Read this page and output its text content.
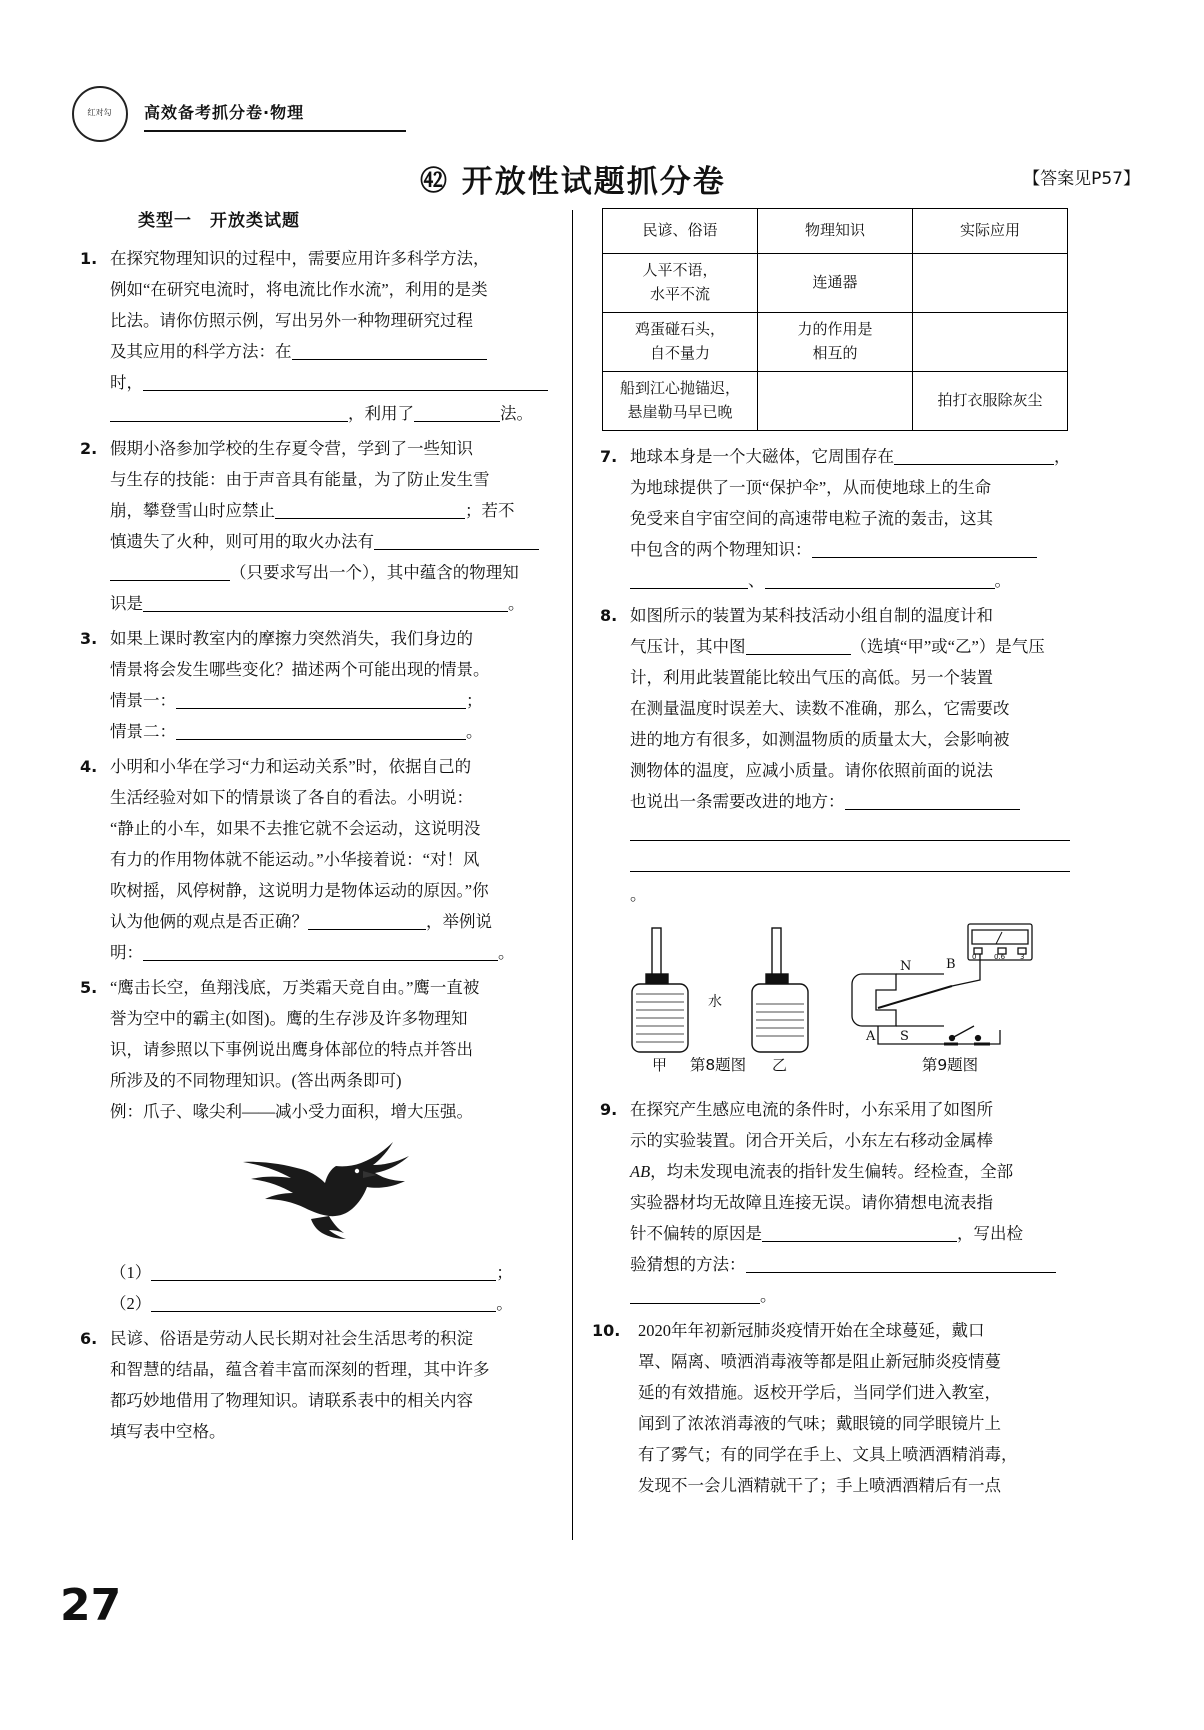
红对勾 高效备考抓分卷·物理
㊷ 开放性试题抓分卷	【答案见P57】
类型一　开放类试题
1. 在探究物理知识的过程中，需要应用许多科学方法，
例如“在研究电流时，将电流比作水流”，利用的是类
比法。请你仿照示例，写出另外一种物理研究过程
及其应用的科学方法：在
时，
，利用了	法。
2. 假期小洛参加学校的生存夏令营，学到了一些知识
与生存的技能：由于声音具有能量，为了防止发生雪
崩，攀登雪山时应禁止	；若不
慎遗失了火种，则可用的取火办法有
（只要求写出一个），其中蕴含的物理知
识是	。
3. 如果上课时教室内的摩擦力突然消失，我们身边的
情景将会发生哪些变化？描述两个可能出现的情景。
情景一：	；
情景二：	。
4. 小明和小华在学习“力和运动关系”时，依据自己的
生活经验对如下的情景谈了各自的看法。小明说：
“静止的小车，如果不去推它就不会运动，这说明没
有力的作用物体就不能运动。”小华接着说：“对！风
吹树摇，风停树静，这说明力是物体运动的原因。”你
认为他俩的观点是否正确？	，举例说
明：	。
5. “鹰击长空，鱼翔浅底，万类霜天竞自由。”鹰一直被
誉为空中的霸主(如图)。鹰的生存涉及许多物理知
识，请参照以下事例说出鹰身体部位的特点并答出
所涉及的不同物理知识。(答出两条即可)
例：爪子、喙尖利——减小受力面积，增大压强。
（1）	；
（2）	。
6. 民谚、俗语是劳动人民长期对社会生活思考的积淀
和智慧的结晶，蕴含着丰富而深刻的哲理，其中许多
都巧妙地借用了物理知识。请联系表中的相关内容
填写表中空格。
民谚、俗语	物理知识	实际应用
人平不语，
水平不流	连通器	
鸡蛋碰石头，
自不量力	力的作用是
相互的	
船到江心抛锚迟，
悬崖勒马早已晚		拍打衣服除灰尘
7. 地球本身是一个大磁体，它周围存在	，
为地球提供了一顶“保护伞”，从而使地球上的生命
免受来自宇宙空间的高速带电粒子流的轰击，这其
中包含的两个物理知识：
、	。
8. 如图所示的装置为某科技活动小组自制的温度计和
气压计，其中图	（选填“甲”或“乙”）是气压
计，利用此装置能比较出气压的高低。另一个装置
在测量温度时误差大、读数不准确，那么，它需要改
进的地方有很多，如测温物质的质量太大，会影响被
测物体的温度，应减小质量。请你依照前面的说法
也说出一条需要改进的地方：

。
水
甲	乙
N
S
A
B 0	0.6 3
第8题图	第9题图
9. 在探究产生感应电流的条件时，小东采用了如图所
示的实验装置。闭合开关后，小东左右移动金属棒
AB，均未发现电流表的指针发生偏转。经检查，全部
实验器材均无故障且连接无误。请你猜想电流表指
针不偏转的原因是	，写出检
验猜想的方法：
。
10. 2020年年初新冠肺炎疫情开始在全球蔓延，戴口
罩、隔离、喷洒消毒液等都是阻止新冠肺炎疫情蔓
延的有效措施。返校开学后，当同学们进入教室，
闻到了浓浓消毒液的气味；戴眼镜的同学眼镜片上
有了雾气；有的同学在手上、文具上喷洒酒精消毒，
发现不一会儿酒精就干了；手上喷洒酒精后有一点
27
